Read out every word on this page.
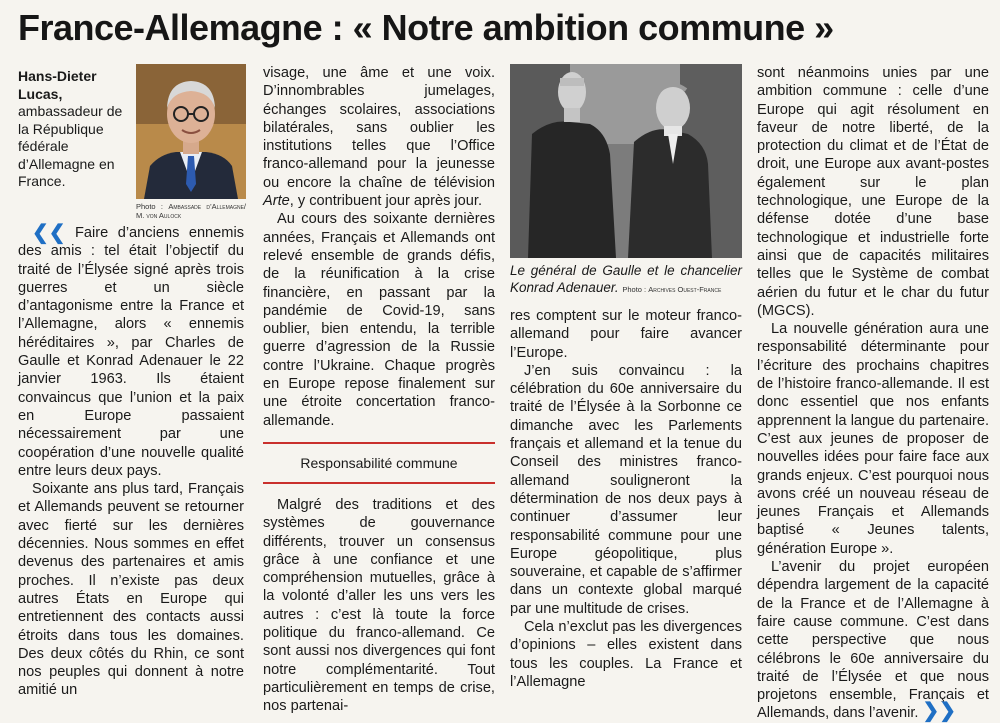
France-Allemagne : « Notre ambition commune »
Hans-Dieter Lucas,
ambassadeur de la République fédérale d’Allemagne en France.
Photo : Ambassade d’Allemagne/ M. von Aulock

❮❮ Faire d’anciens ennemis des amis : tel était l’objectif du traité de l’Élysée signé après trois guerres et un siècle d’antagonisme entre la France et l’Allemagne, alors « ennemis héréditaires », par Charles de Gaulle et Konrad Adenauer le 22 janvier 1963. Ils étaient convaincus que l’union et la paix en Europe passaient nécessairement par une coopération d’une nouvelle qualité entre leurs deux pays.

Soixante ans plus tard, Français et Allemands peuvent se retourner avec fierté sur les dernières décennies. Nous sommes en effet devenus des partenaires et amis proches. Il n’existe pas deux autres États en Europe qui entretiennent des contacts aussi étroits dans tous les domaines. Des deux côtés du Rhin, ce sont nos peuples qui donnent à notre amitié un

visage, une âme et une voix. D’innombrables jumelages, échanges scolaires, associations bilatérales, sans oublier les institutions telles que l’Office franco-allemand pour la jeunesse ou encore la chaîne de télévision Arte, y contribuent jour après jour.

Au cours des soixante dernières années, Français et Allemands ont relevé ensemble de grands défis, de la réunification à la crise financière, en passant par la pandémie de Covid-19, sans oublier, bien entendu, la terrible guerre d’agression de la Russie contre l’Ukraine. Chaque progrès en Europe repose finalement sur une étroite concertation franco-allemande.

Responsabilité commune

Malgré des traditions et des systèmes de gouvernance différents, trouver un consensus grâce à une confiance et une compréhension mutuelles, grâce à la volonté d’aller les uns vers les autres : c’est là toute la force politique du franco-allemand. Ce sont aussi nos divergences qui font notre complémentarité. Tout particulièrement en temps de crise, nos partenai-

Le général de Gaulle et le chancelier Konrad Adenauer. Photo : Archives Ouest-France

res comptent sur le moteur franco-allemand pour faire avancer l’Europe.

J’en suis convaincu : la célébration du 60e anniversaire du traité de l’Élysée à la Sorbonne ce dimanche avec les Parlements français et allemand et la tenue du Conseil des ministres franco-allemand souligneront la détermination de nos deux pays à continuer d’assumer leur responsabilité commune pour une Europe géopolitique, plus souveraine, et capable de s’affirmer dans un contexte global marqué par une multitude de crises.

Cela n’exclut pas les divergences d’opinions – elles existent dans tous les couples. La France et l’Allemagne

sont néanmoins unies par une ambition commune : celle d’une Europe qui agit résolument en faveur de notre liberté, de la protection du climat et de l’État de droit, une Europe aux avant-postes également sur le plan technologique, une Europe de la défense dotée d’une base technologique et industrielle forte ainsi que de capacités militaires telles que le Système de combat aérien du futur et le char du futur (MGCS).

La nouvelle génération aura une responsabilité déterminante pour l’écriture des prochains chapitres de l’histoire franco-allemande. Il est donc essentiel que nos enfants apprennent la langue du partenaire. C’est aux jeunes de proposer de nouvelles idées pour faire face aux grands enjeux. C’est pourquoi nous avons créé un nouveau réseau de jeunes Français et Allemands baptisé « Jeunes talents, génération Europe ».

L’avenir du projet européen dépendra largement de la capacité de la France et de l’Allemagne à faire cause commune. C’est dans cette perspective que nous célébrons le 60e anniversaire du traité de l’Élysée et que nous projetons ensemble, Français et Allemands, dans l’avenir. ❯❯
